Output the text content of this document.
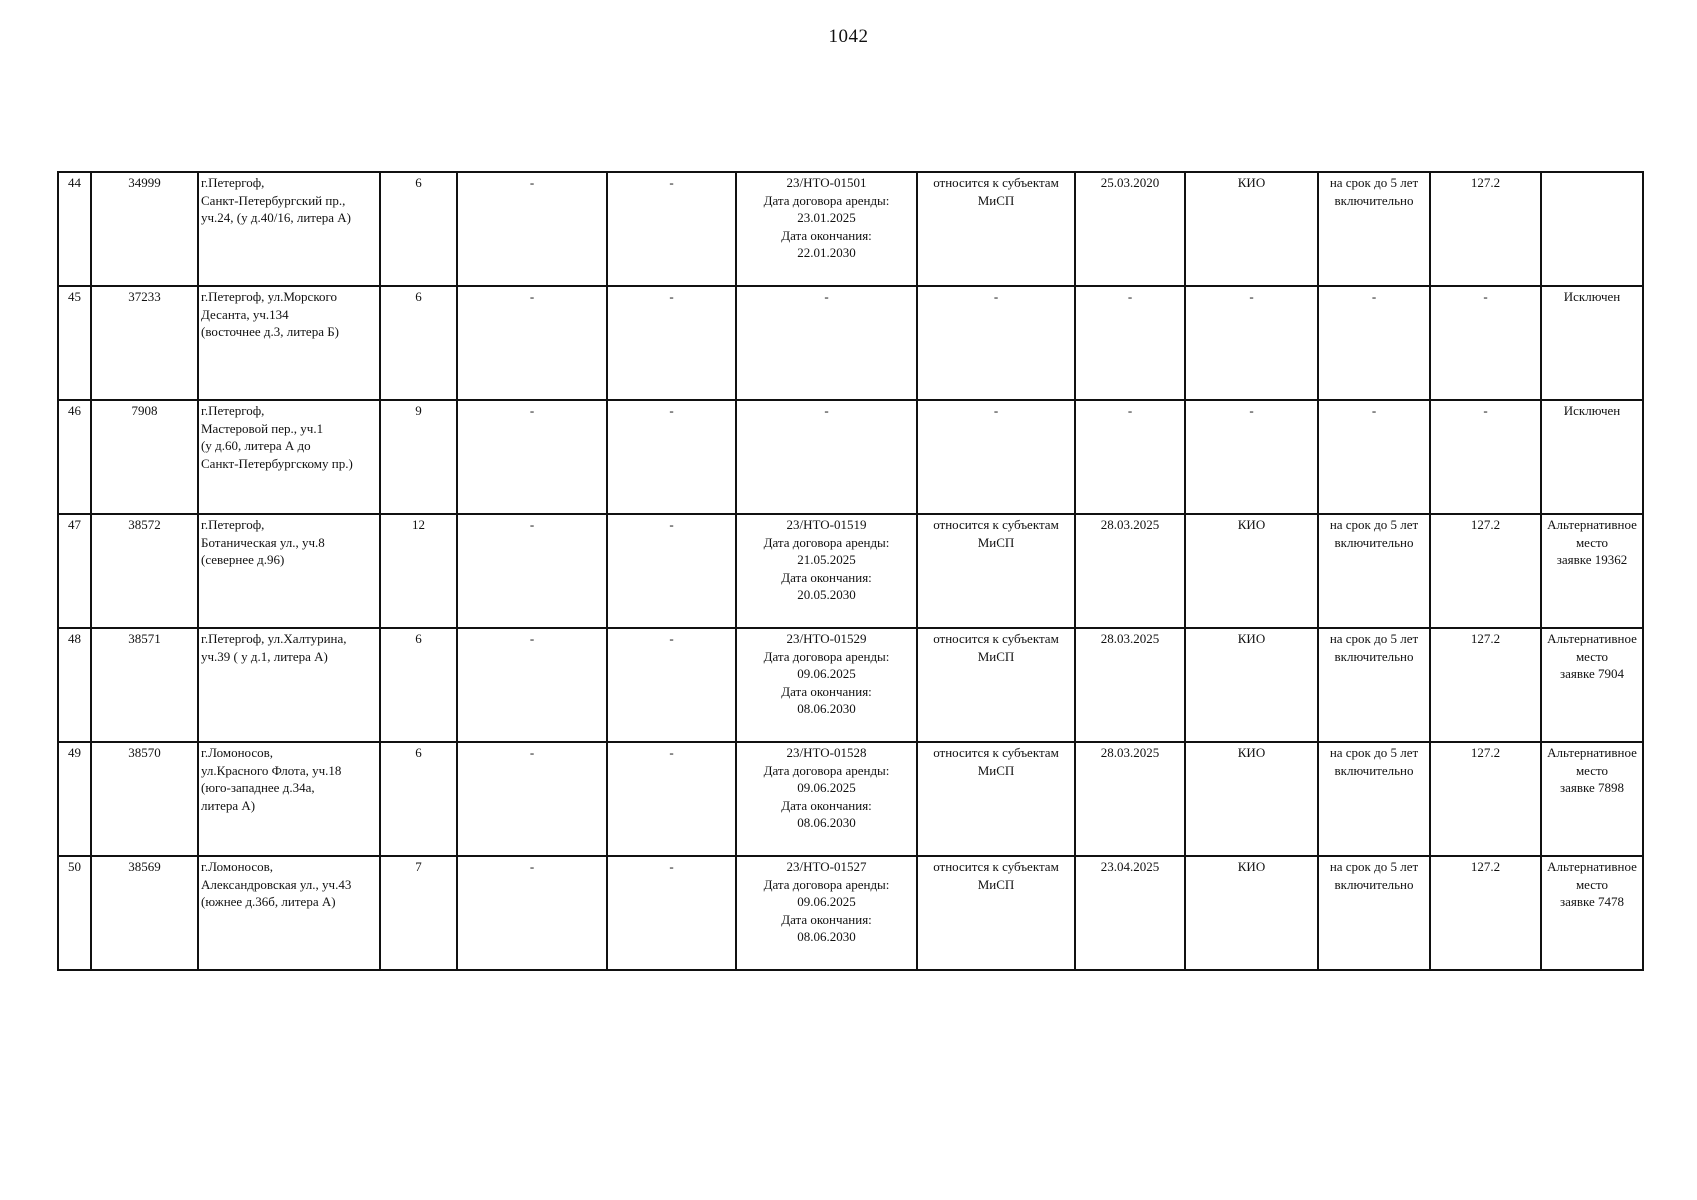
1042
44	34999	г.Петергоф,
Санкт-Петербургский пр.,
уч.24, (у д.40/16, литера А)	6	-	-	23/НТО-01501
Дата договора аренды:
23.01.2025
Дата окончания:
22.01.2030	относится к субъектам
МиСП	25.03.2020	КИО	на срок до 5 лет
включительно	127.2	
45	37233	г.Петергоф, ул.Морского
Десанта, уч.134
(восточнее д.3, литера Б)	6	-	-	-	-	-	-	-	-	Исключен

46	7908	г.Петергоф,
Мастеровой пер., уч.1
(у д.60, литера А до
Санкт-Петербургскому пр.)	9	-	-	-	-	-	-	-	-	Исключен

47	38572	г.Петергоф,
Ботаническая ул., уч.8
(севернее д.96)	12	-	-	23/НТО-01519
Дата договора аренды:
21.05.2025
Дата окончания:
20.05.2030	относится к субъектам
МиСП	28.03.2025	КИО	на срок до 5 лет
включительно	127.2	Альтернативное
место
заявке 19362

48	38571	г.Петергоф, ул.Халтурина,
уч.39 ( у д.1, литера А)	6	-	-	23/НТО-01529
Дата договора аренды:
09.06.2025
Дата окончания:
08.06.2030	относится к субъектам
МиСП	28.03.2025	КИО	на срок до 5 лет
включительно	127.2	Альтернативное
место
заявке 7904

49	38570	г.Ломоносов,
ул.Красного Флота, уч.18
(юго-западнее д.34а,
литера А)	6	-	-	23/НТО-01528
Дата договора аренды:
09.06.2025
Дата окончания:
08.06.2030	относится к субъектам
МиСП	28.03.2025	КИО	на срок до 5 лет
включительно	127.2	Альтернативное
место
заявке 7898

50	38569	г.Ломоносов,
Александровская ул., уч.43
(южнее д.36б, литера А)	7	-	-	23/НТО-01527
Дата договора аренды:
09.06.2025
Дата окончания:
08.06.2030	относится к субъектам
МиСП	23.04.2025	КИО	на срок до 5 лет
включительно	127.2	Альтернативное
место
заявке 7478
